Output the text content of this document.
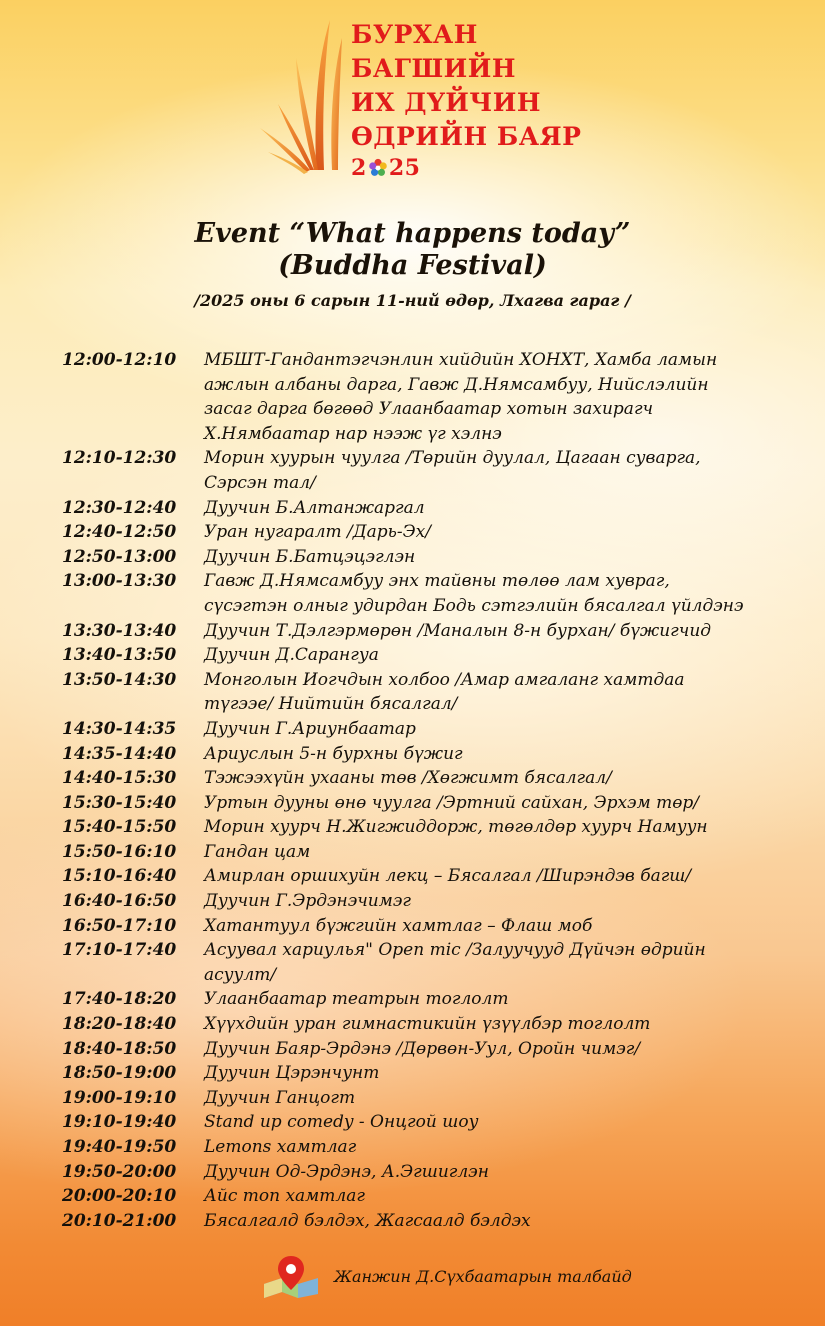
БУРХАН
БАГШИЙН
ИХ ДҮЙЧИН
ӨДРИЙН БАЯР
2 25
Event “What happens today”
(Buddha Festival)
/2025 оны 6 сарын 11-ний өдөр, Лхагва гараг /
12:00-12:10	МБШТ-Гандантэгчэнлин хийдийн ХОНХТ, Хамба ламын
ажлын албаны дарга, Гавж Д.Нямсамбуу, Нийслэлийн
засаг дарга бөгөөд Улаанбаатар хотын захирагч
Х.Нямбаатар нар нээж үг хэлнэ
12:10-12:30	Морин хуурын чуулга /Төрийн дуулал, Цагаан суварга,
Сэрсэн тал/
12:30-12:40	Дуучин Б.Алтанжаргал
12:40-12:50	Уран нугаралт /Дарь-Эх/
12:50-13:00	Дуучин Б.Батцэцэглэн
13:00-13:30	Гавж Д.Нямсамбуу энх тайвны төлөө лам хувраг,
сүсэгтэн олныг удирдан Бодь сэтгэлийн бясалгал үйлдэнэ
13:30-13:40	Дуучин Т.Дэлгэрмөрөн /Маналын 8-н бурхан/ бүжигчид
13:40-13:50	Дуучин Д.Сарангуа
13:50-14:30	Монголын Иогчдын холбоо /Амар амгаланг хамтдаа
түгээе/ Нийтийн бясалгал/
14:30-14:35	Дуучин Г.Ариунбаатар
14:35-14:40	Ариуслын 5-н бурхны бүжиг
14:40-15:30	Тэжээхүйн ухааны төв /Хөгжимт бясалгал/
15:30-15:40	Уртын дууны өнө чуулга /Эртний сайхан, Эрхэм төр/
15:40-15:50	Морин хуурч Н.Жигжиддорж, төгөлдөр хуурч Намуун
15:50-16:10	Гандан цам
15:10-16:40	Амирлан оршихуйн лекц – Бясалгал /Ширэндэв багш/
16:40-16:50	Дуучин Г.Эрдэнэчимэг
16:50-17:10	Хатантуул бүжгийн хамтлаг – Флаш моб
17:10-17:40	Асуувал хариулья" Open mic /Залуучууд Дүйчэн өдрийн
асуулт/
17:40-18:20	Улаанбаатар театрын тоглолт
18:20-18:40	Хүүхдийн уран гимнастикийн үзүүлбэр тоглолт
18:40-18:50	Дуучин Баяр-Эрдэнэ /Дөрвөн-Уул, Оройн чимэг/
18:50-19:00	Дуучин Цэрэнчунт
19:00-19:10	Дуучин Ганцогт
19:10-19:40	Stand up comedy - Онцгой шоу
19:40-19:50	Lemons хамтлаг
19:50-20:00	Дуучин Од-Эрдэнэ, А.Эгшиглэн
20:00-20:10	Айс топ хамтлаг
20:10-21:00	Бясалгалд бэлдэх, Жагсаалд бэлдэх
Жанжин Д.Сүхбаатарын талбайд
